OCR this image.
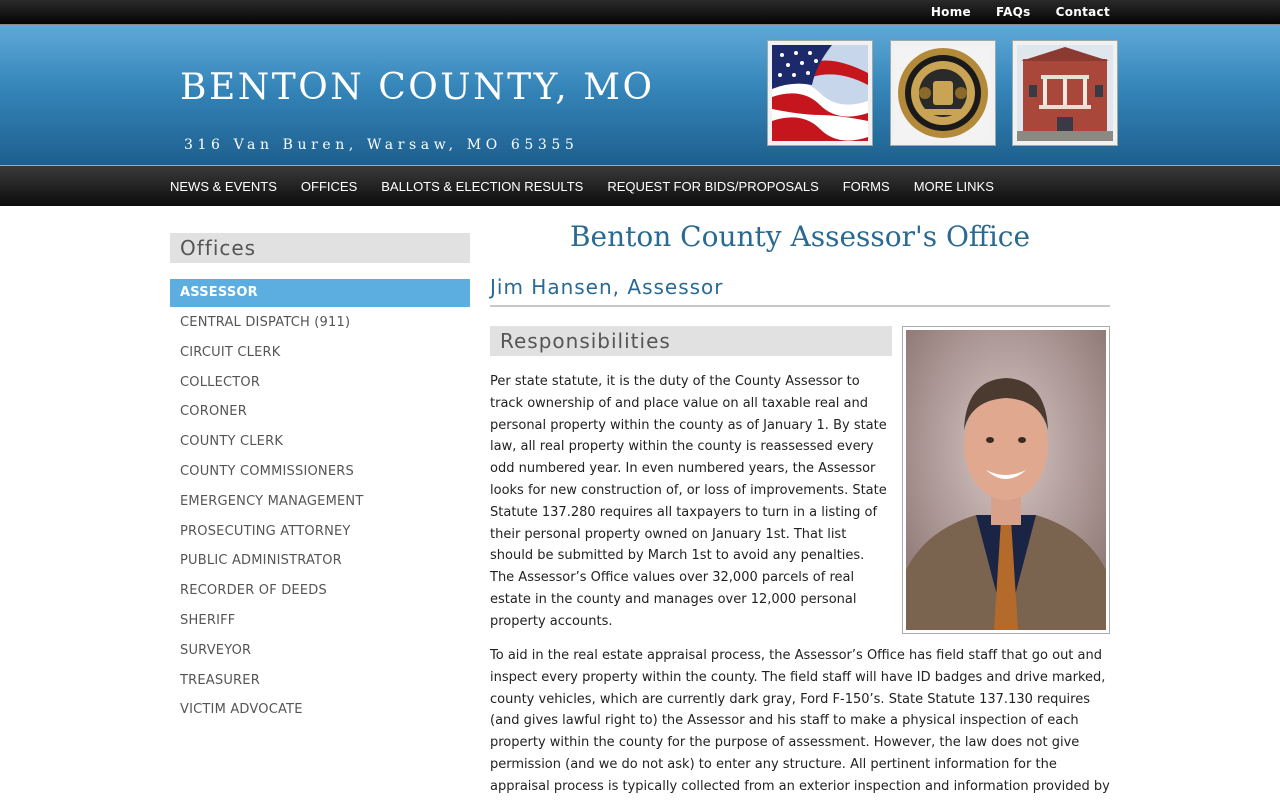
Home FAQs Contact
BENTON COUNTY, MO
316 Van Buren, Warsaw, MO 65355
NEWS & EVENTS OFFICES BALLOTS & ELECTION RESULTS REQUEST FOR BIDS/PROPOSALS FORMS MORE LINKS
Offices
ASSESSOR
CENTRAL DISPATCH (911)
CIRCUIT CLERK
COLLECTOR
CORONER
COUNTY CLERK
COUNTY COMMISSIONERS
EMERGENCY MANAGEMENT
PROSECUTING ATTORNEY
PUBLIC ADMINISTRATOR
RECORDER OF DEEDS
SHERIFF
SURVEYOR
TREASURER
VICTIM ADVOCATE
Benton County Assessor's Office
Jim Hansen, Assessor
Responsibilities

Per state statute, it is the duty of the County Assessor to track ownership of and place value on all taxable real and personal property within the county as of January 1. By state law, all real property within the county is reassessed every odd numbered year. In even numbered years, the Assessor looks for new construction of, or loss of improvements. State Statute 137.280 requires all taxpayers to turn in a listing of their personal property owned on January 1st. That list should be submitted by March 1st to avoid any penalties. The Assessor’s Office values over 32,000 parcels of real estate in the county and manages over 12,000 personal property accounts.

To aid in the real estate appraisal process, the Assessor’s Office has field staff that go out and inspect every property within the county. The field staff will have ID badges and drive marked, county vehicles, which are currently dark gray, Ford F-150’s. State Statute 137.130 requires (and gives lawful right to) the Assessor and his staff to make a physical inspection of each property within the county for the purpose of assessment. However, the law does not give permission (and we do not ask) to enter any structure. All pertinent information for the appraisal process is typically collected from an exterior inspection and information provided by
